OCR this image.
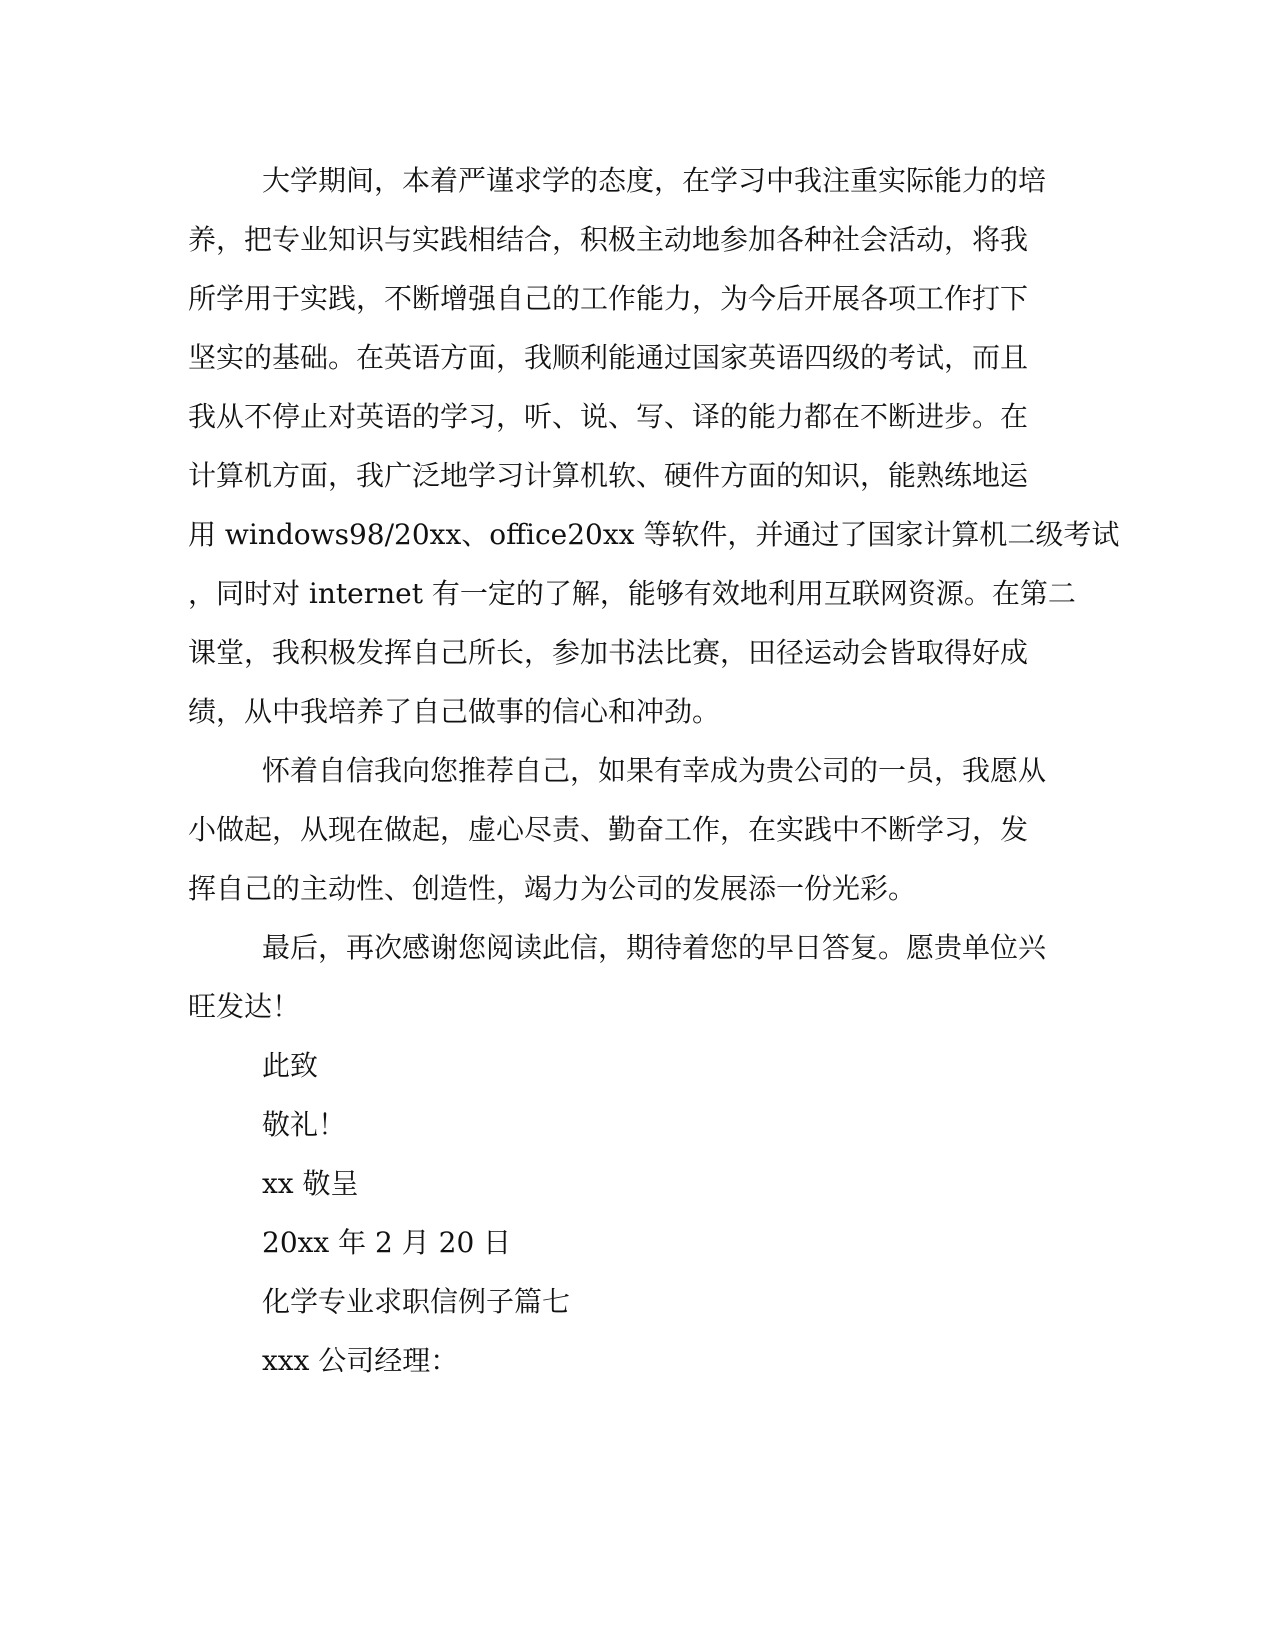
大学期间，本着严谨求学的态度，在学习中我注重实际能力的培
养，把专业知识与实践相结合，积极主动地参加各种社会活动，将我
所学用于实践，不断增强自己的工作能力，为今后开展各项工作打下
坚实的基础。在英语方面，我顺利能通过国家英语四级的考试，而且
我从不停止对英语的学习，听、说、写、译的能力都在不断进步。在
计算机方面，我广泛地学习计算机软、硬件方面的知识，能熟练地运
用 windows98/20xx、office20xx 等软件，并通过了国家计算机二级考试
，同时对 internet 有一定的了解，能够有效地利用互联网资源。在第二
课堂，我积极发挥自己所长，参加书法比赛，田径运动会皆取得好成
绩，从中我培养了自己做事的信心和冲劲。
怀着自信我向您推荐自己，如果有幸成为贵公司的一员，我愿从
小做起，从现在做起，虚心尽责、勤奋工作，在实践中不断学习，发
挥自己的主动性、创造性，竭力为公司的发展添一份光彩。
最后，再次感谢您阅读此信，期待着您的早日答复。愿贵单位兴
旺发达！
此致
敬礼！
xx 敬呈
20xx 年 2 月 20 日
化学专业求职信例子篇七
xxx 公司经理：
